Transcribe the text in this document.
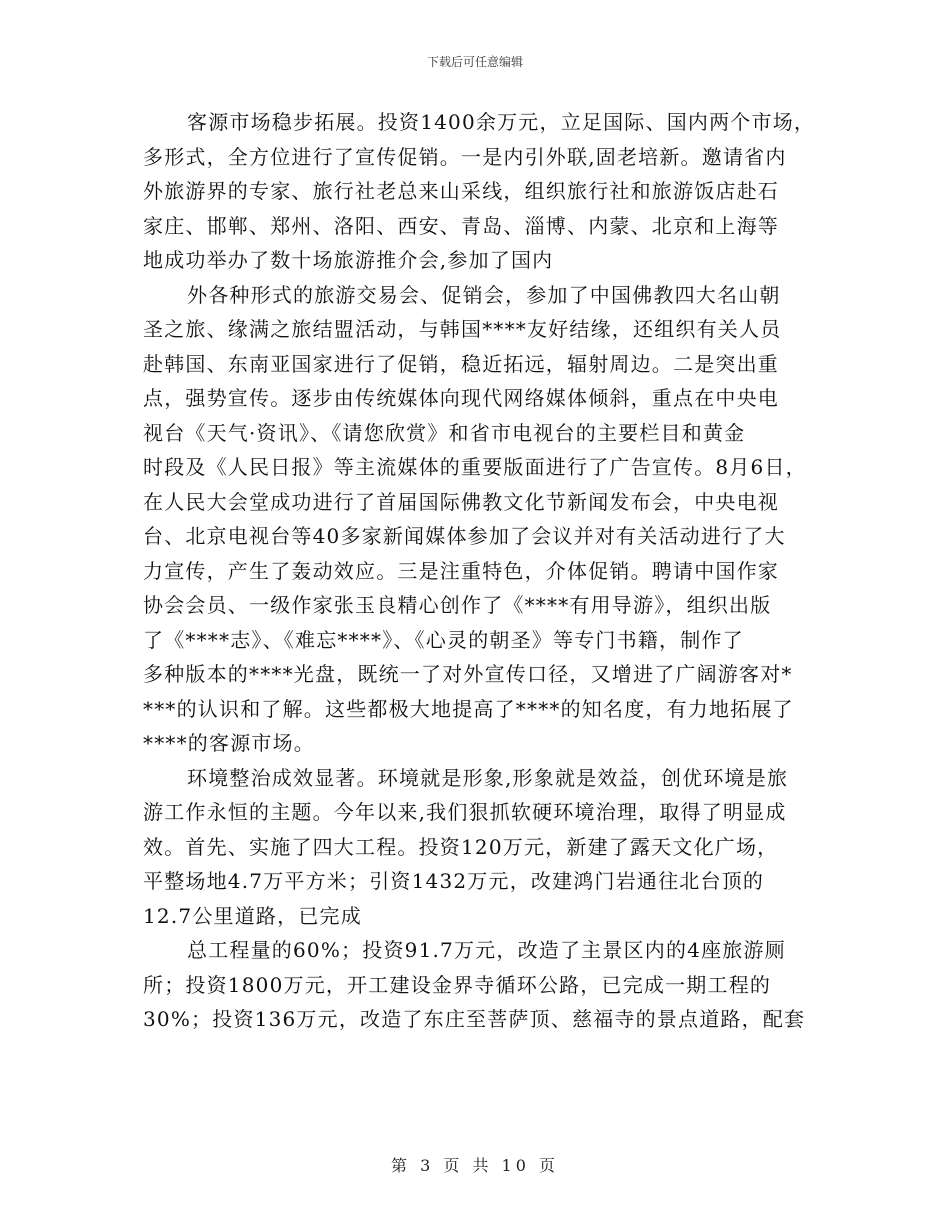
下载后可任意编辑

客源市场稳步拓展。投资1400余万元，立足国际、国内两个市场，
多形式，全方位进行了宣传促销。一是内引外联,固老培新。邀请省内
外旅游界的专家、旅行社老总来山采线，组织旅行社和旅游饭店赴石
家庄、邯郸、郑州、洛阳、西安、青岛、淄博、内蒙、北京和上海等
地成功举办了数十场旅游推介会,参加了国内

外各种形式的旅游交易会、促销会，参加了中国佛教四大名山朝
圣之旅、缘满之旅结盟活动，与韩国****友好结缘，还组织有关人员
赴韩国、东南亚国家进行了促销，稳近拓远，辐射周边。二是突出重
点，强势宣传。逐步由传统媒体向现代网络媒体倾斜，重点在中央电
视台《天气·资讯》、《请您欣赏》和省市电视台的主要栏目和黄金
时段及《人民日报》等主流媒体的重要版面进行了广告宣传。8月6日，
在人民大会堂成功进行了首届国际佛教文化节新闻发布会，中央电视
台、北京电视台等40多家新闻媒体参加了会议并对有关活动进行了大
力宣传，产生了轰动效应。三是注重特色，介体促销。聘请中国作家
协会会员、一级作家张玉良精心创作了《****有用导游》，组织出版
了《****志》、《难忘****》、《心灵的朝圣》等专门书籍，制作了
多种版本的****光盘，既统一了对外宣传口径，又增进了广阔游客对*
***的认识和了解。这些都极大地提高了****的知名度，有力地拓展了
****的客源市场。

环境整治成效显著。环境就是形象,形象就是效益，创优环境是旅
游工作永恒的主题。今年以来,我们狠抓软硬环境治理，取得了明显成
效。首先、实施了四大工程。投资120万元，新建了露天文化广场，
平整场地4.7万平方米；引资1432万元，改建鸿门岩通往北台顶的
12.7公里道路，已完成

总工程量的60%；投资91.7万元，改造了主景区内的4座旅游厕
所；投资1800万元，开工建设金界寺循环公路，已完成一期工程的
30%；投资136万元，改造了东庄至菩萨顶、慈福寺的景点道路，配套

第 3 页 共 10 页
